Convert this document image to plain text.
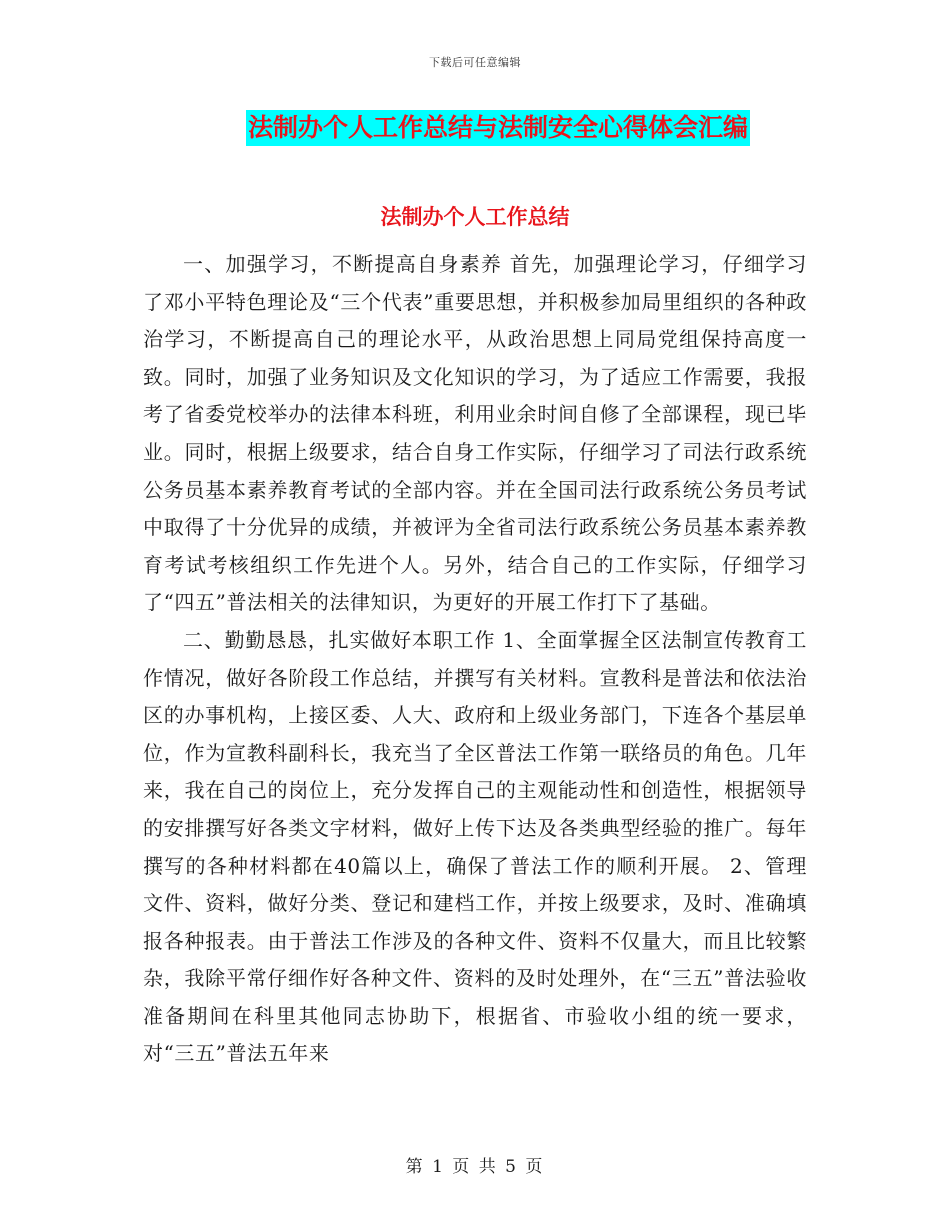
下载后可任意编辑
法制办个人工作总结与法制安全心得体会汇编
法制办个人工作总结

一、加强学习，不断提高自身素养 首先，加强理论学习，仔细学习了邓小平特色理论及“三个代表”重要思想，并积极参加局里组织的各种政治学习，不断提高自己的理论水平，从政治思想上同局党组保持高度一致。同时，加强了业务知识及文化知识的学习，为了适应工作需要，我报考了省委党校举办的法律本科班，利用业余时间自修了全部课程，现已毕业。同时，根据上级要求，结合自身工作实际，仔细学习了司法行政系统公务员基本素养教育考试的全部内容。并在全国司法行政系统公务员考试中取得了十分优异的成绩，并被评为全省司法行政系统公务员基本素养教育考试考核组织工作先进个人。另外，结合自己的工作实际，仔细学习了“四五”普法相关的法律知识，为更好的开展工作打下了基础。

二、勤勤恳恳，扎实做好本职工作 1、全面掌握全区法制宣传教育工作情况，做好各阶段工作总结，并撰写有关材料。宣教科是普法和依法治区的办事机构，上接区委、人大、政府和上级业务部门，下连各个基层单位，作为宣教科副科长，我充当了全区普法工作第一联络员的角色。几年来，我在自己的岗位上，充分发挥自己的主观能动性和创造性，根据领导的安排撰写好各类文字材料，做好上传下达及各类典型经验的推广。每年撰写的各种材料都在40篇以上，确保了普法工作的顺利开展。 2、管理文件、资料，做好分类、登记和建档工作，并按上级要求，及时、准确填报各种报表。由于普法工作涉及的各种文件、资料不仅量大，而且比较繁杂，我除平常仔细作好各种文件、资料的及时处理外，在“三五”普法验收准备期间在科里其他同志协助下，根据省、市验收小组的统一要求，对“三五”普法五年来

第 1 页 共 5 页
